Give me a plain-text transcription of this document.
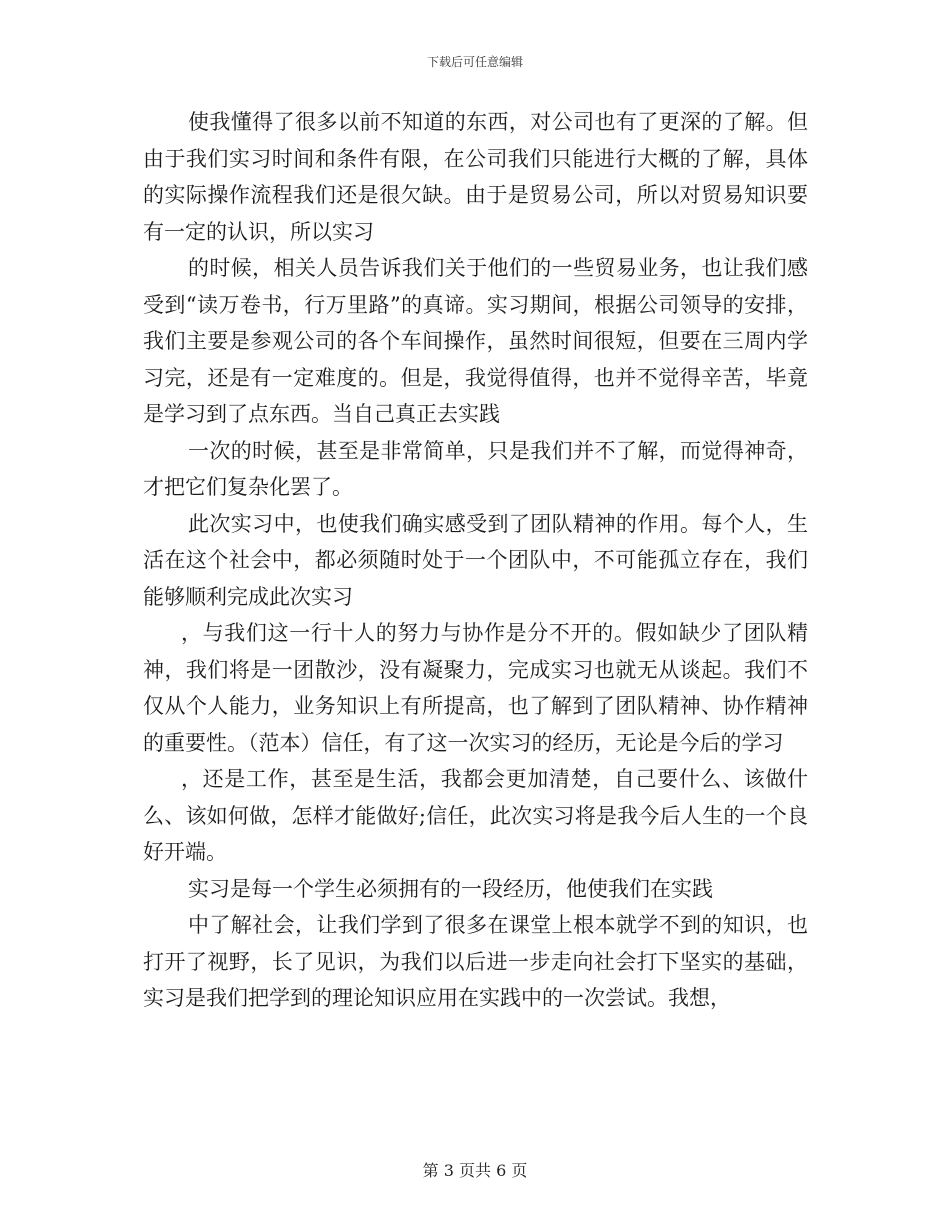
下载后可任意编辑

使我懂得了很多以前不知道的东西，对公司也有了更深的了解。但由于我们实习时间和条件有限，在公司我们只能进行大概的了解，具体的实际操作流程我们还是很欠缺。由于是贸易公司，所以对贸易知识要有一定的认识，所以实习

的时候，相关人员告诉我们关于他们的一些贸易业务，也让我们感受到“读万卷书，行万里路”的真谛。实习期间，根据公司领导的安排，我们主要是参观公司的各个车间操作，虽然时间很短，但要在三周内学习完，还是有一定难度的。但是，我觉得值得，也并不觉得辛苦，毕竟是学习到了点东西。当自己真正去实践

一次的时候，甚至是非常简单，只是我们并不了解，而觉得神奇，才把它们复杂化罢了。

此次实习中，也使我们确实感受到了团队精神的作用。每个人，生活在这个社会中，都必须随时处于一个团队中，不可能孤立存在，我们能够顺利完成此次实习

，与我们这一行十人的努力与协作是分不开的。假如缺少了团队精神，我们将是一团散沙，没有凝聚力，完成实习也就无从谈起。我们不仅从个人能力，业务知识上有所提高，也了解到了团队精神、协作精神的重要性。（范本）信任，有了这一次实习的经历，无论是今后的学习

，还是工作，甚至是生活，我都会更加清楚，自己要什么、该做什么、该如何做，怎样才能做好;信任，此次实习将是我今后人生的一个良好开端。

实习是每一个学生必须拥有的一段经历，他使我们在实践

中了解社会，让我们学到了很多在课堂上根本就学不到的知识，也打开了视野，长了见识，为我们以后进一步走向社会打下坚实的基础，实习是我们把学到的理论知识应用在实践中的一次尝试。我想，

第 3 页共 6 页
